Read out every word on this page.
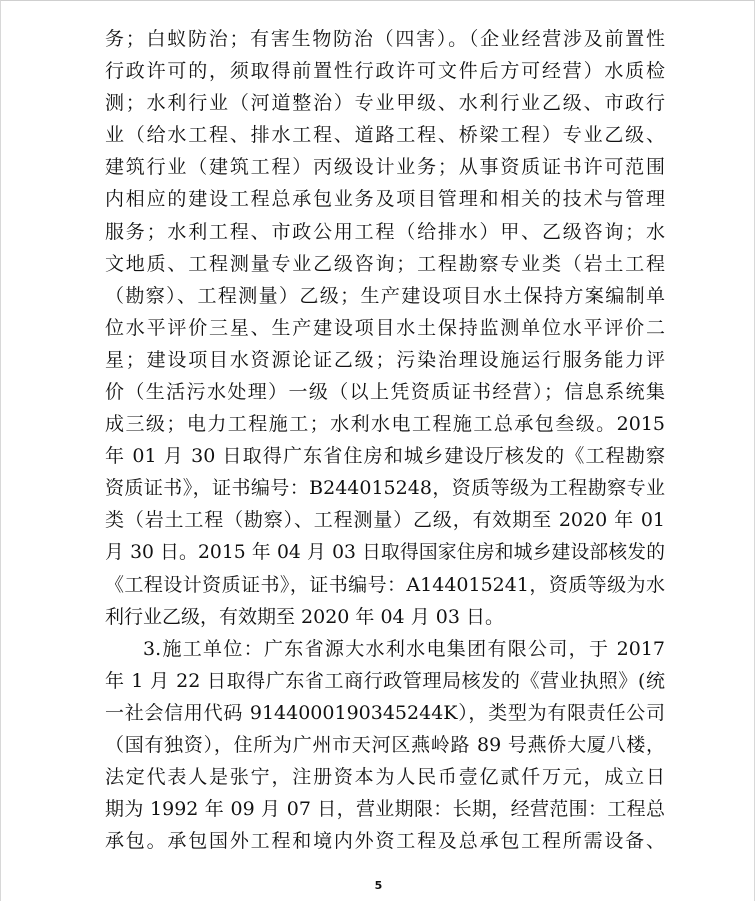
务；白蚁防治；有害生物防治（四害）。（企业经营涉及前置性
行政许可的，须取得前置性行政许可文件后方可经营）水质检
测；水利行业（河道整治）专业甲级、水利行业乙级、市政行
业（给水工程、排水工程、道路工程、桥梁工程）专业乙级、
建筑行业（建筑工程）丙级设计业务；从事资质证书许可范围
内相应的建设工程总承包业务及项目管理和相关的技术与管理
服务；水利工程、市政公用工程（给排水）甲、乙级咨询；水
文地质、工程测量专业乙级咨询；工程勘察专业类（岩土工程
（勘察）、工程测量）乙级；生产建设项目水土保持方案编制单
位水平评价三星、生产建设项目水土保持监测单位水平评价二
星；建设项目水资源论证乙级；污染治理设施运行服务能力评
价（生活污水处理）一级（以上凭资质证书经营）；信息系统集
成三级；电力工程施工；水利水电工程施工总承包叁级。2015
年 01 月 30 日取得广东省住房和城乡建设厅核发的《工程勘察
资质证书》，证书编号：B244015248，资质等级为工程勘察专业
类（岩土工程（勘察）、工程测量）乙级，有效期至 2020 年 01
月 30 日。2015 年 04 月 03 日取得国家住房和城乡建设部核发的
《工程设计资质证书》，证书编号：A144015241，资质等级为水
利行业乙级，有效期至 2020 年 04 月 03 日。
3.施工单位：广东省源大水利水电集团有限公司，于 2017
年 1 月 22 日取得广东省工商行政管理局核发的《营业执照》(统
一社会信用代码 9144000190345244K），类型为有限责任公司
（国有独资），住所为广州市天河区燕岭路 89 号燕侨大厦八楼，
法定代表人是张宁，注册资本为人民币壹亿贰仟万元，成立日
期为 1992 年 09 月 07 日，营业期限：长期，经营范围：工程总
承包。承包国外工程和境内外资工程及总承包工程所需设备、
5
